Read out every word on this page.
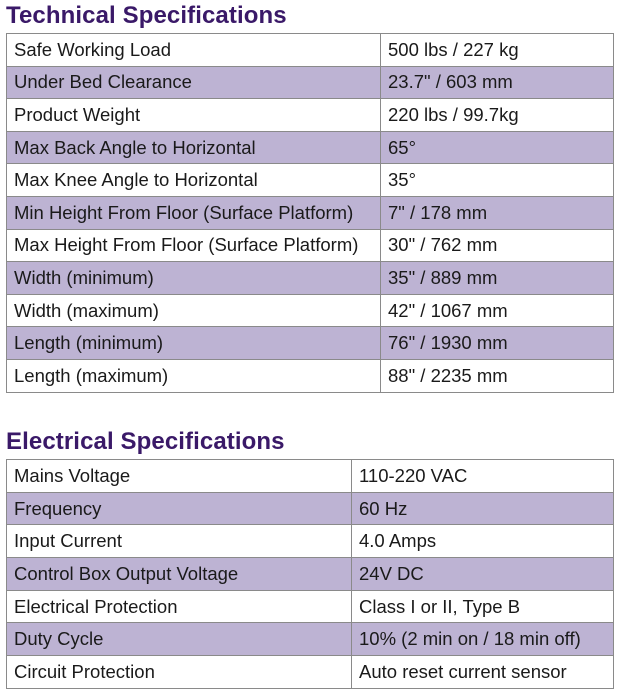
Technical Specifications
Safe Working Load	500 lbs / 227 kg
Under Bed Clearance	23.7" / 603 mm
Product Weight	220 lbs / 99.7kg
Max Back Angle to Horizontal	65°
Max Knee Angle to Horizontal	35°
Min Height From Floor (Surface Platform)	7" / 178 mm
Max Height From Floor (Surface Platform)	30" / 762 mm
Width (minimum)	35" / 889 mm
Width (maximum)	42" / 1067 mm
Length (minimum)	76" / 1930 mm
Length (maximum)	88" / 2235 mm
Electrical Specifications
Mains Voltage	110-220 VAC
Frequency	60 Hz
Input Current	4.0 Amps
Control Box Output Voltage	24V DC
Electrical Protection	Class I or II, Type B
Duty Cycle	10% (2 min on / 18 min off)
Circuit Protection	Auto reset current sensor
